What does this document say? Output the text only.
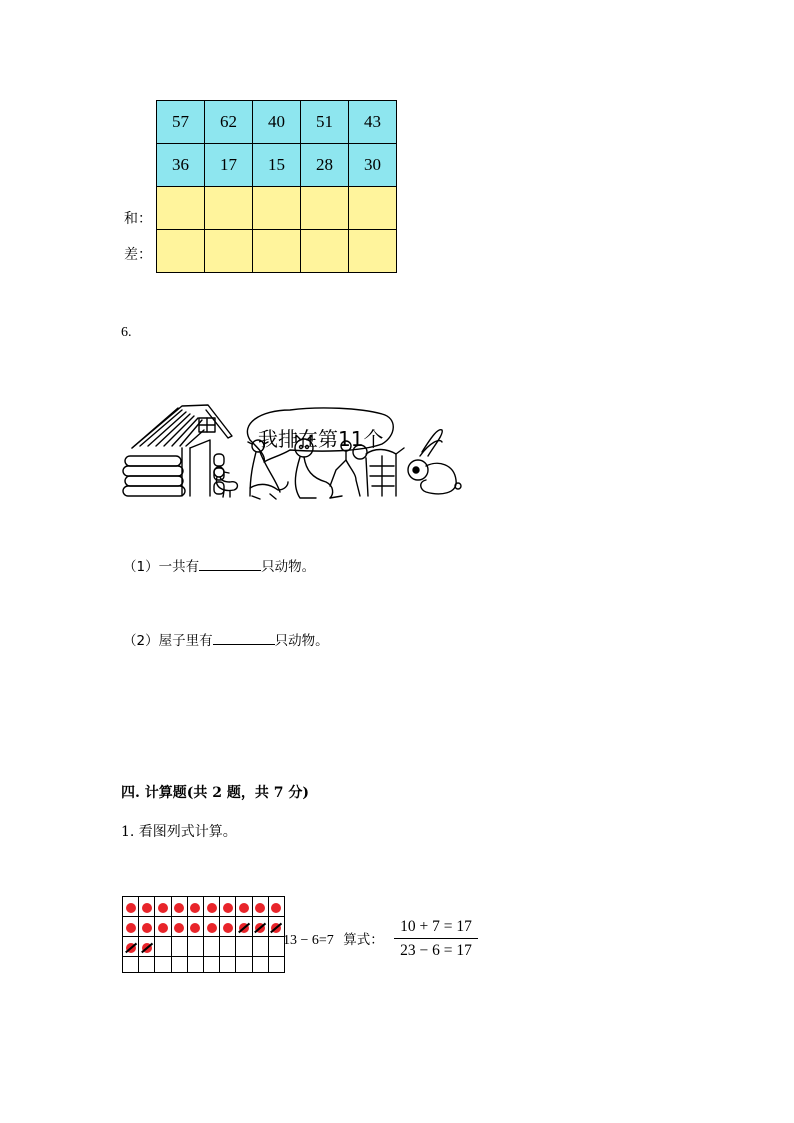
57	62	40	51	43
36	17	15	28	30

和：
差：
6.
我排在第11个
（1）一共有	只动物。
（2）屋子里有	只动物。
四. 计算题(共 2 题，共 7 分)
1. 看图列式计算。

13 − 6=7 算式： $\frac{10 + 7 = 17}{23 - 6 = 17}$
